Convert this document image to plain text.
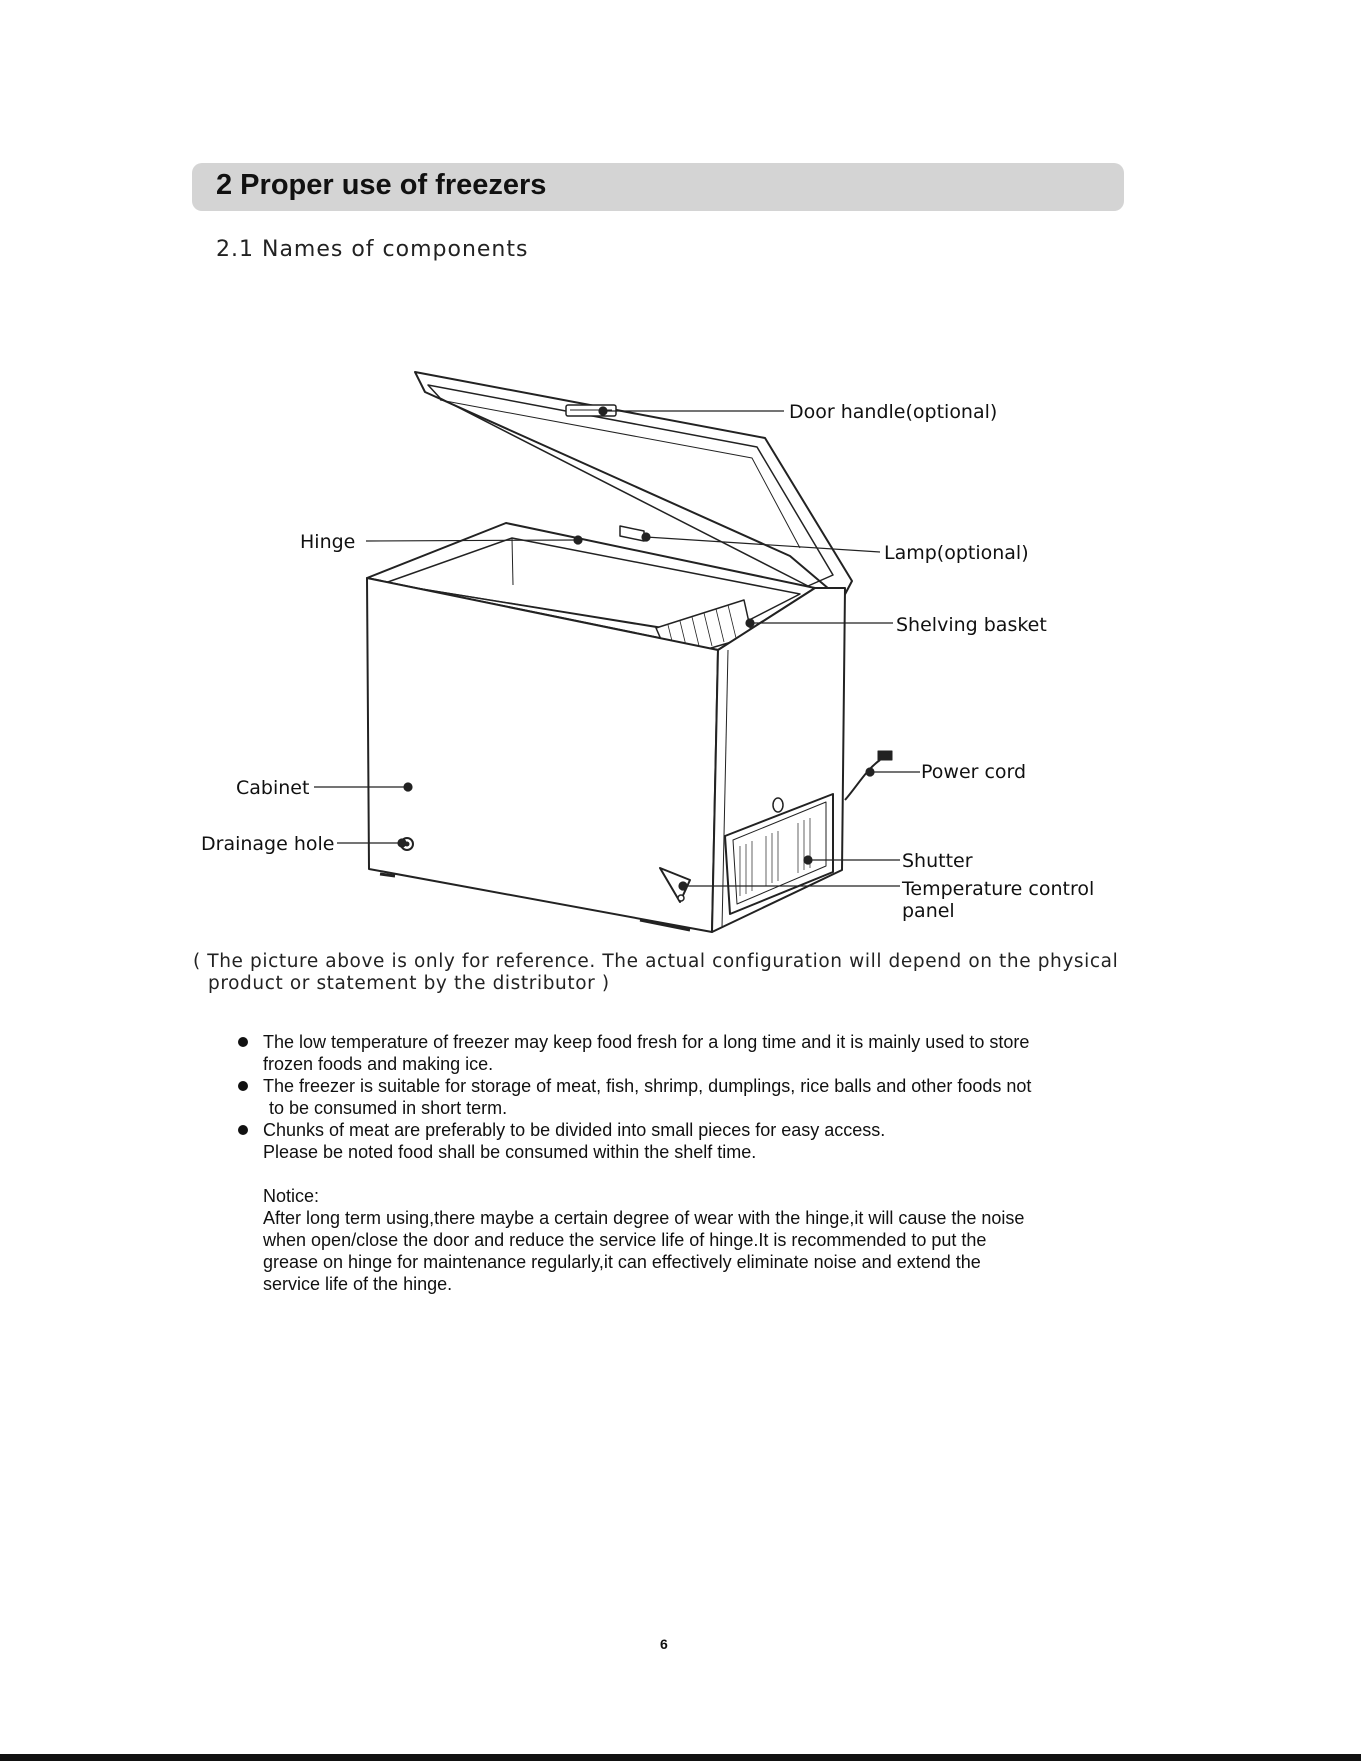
2 Proper use of freezers
2.1 Names of components
Door handle(optional)
Hinge	Lamp(optional)
Shelving basket
Cabinet
Power cord
Drainage hole
Shutter
Temperature control
panel
( The picture above is only for reference. The actual configuration will depend on the physical
product or statement by the distributor )
The low temperature of freezer may keep food fresh for a long time and it is mainly used to store
frozen foods and making ice.
The freezer is suitable for storage of meat, fish, shrimp, dumplings, rice balls and other foods not
to be consumed in short term.
Chunks of meat are preferably to be divided into small pieces for easy access.
Please be noted food shall be consumed within the shelf time.
Notice:
After long term using,there maybe a certain degree of wear with the hinge,it will cause the noise
when open/close the door and reduce the service life of hinge.It is recommended to put the
grease on hinge for maintenance regularly,it can effectively eliminate noise and extend the
service life of the hinge.
6
